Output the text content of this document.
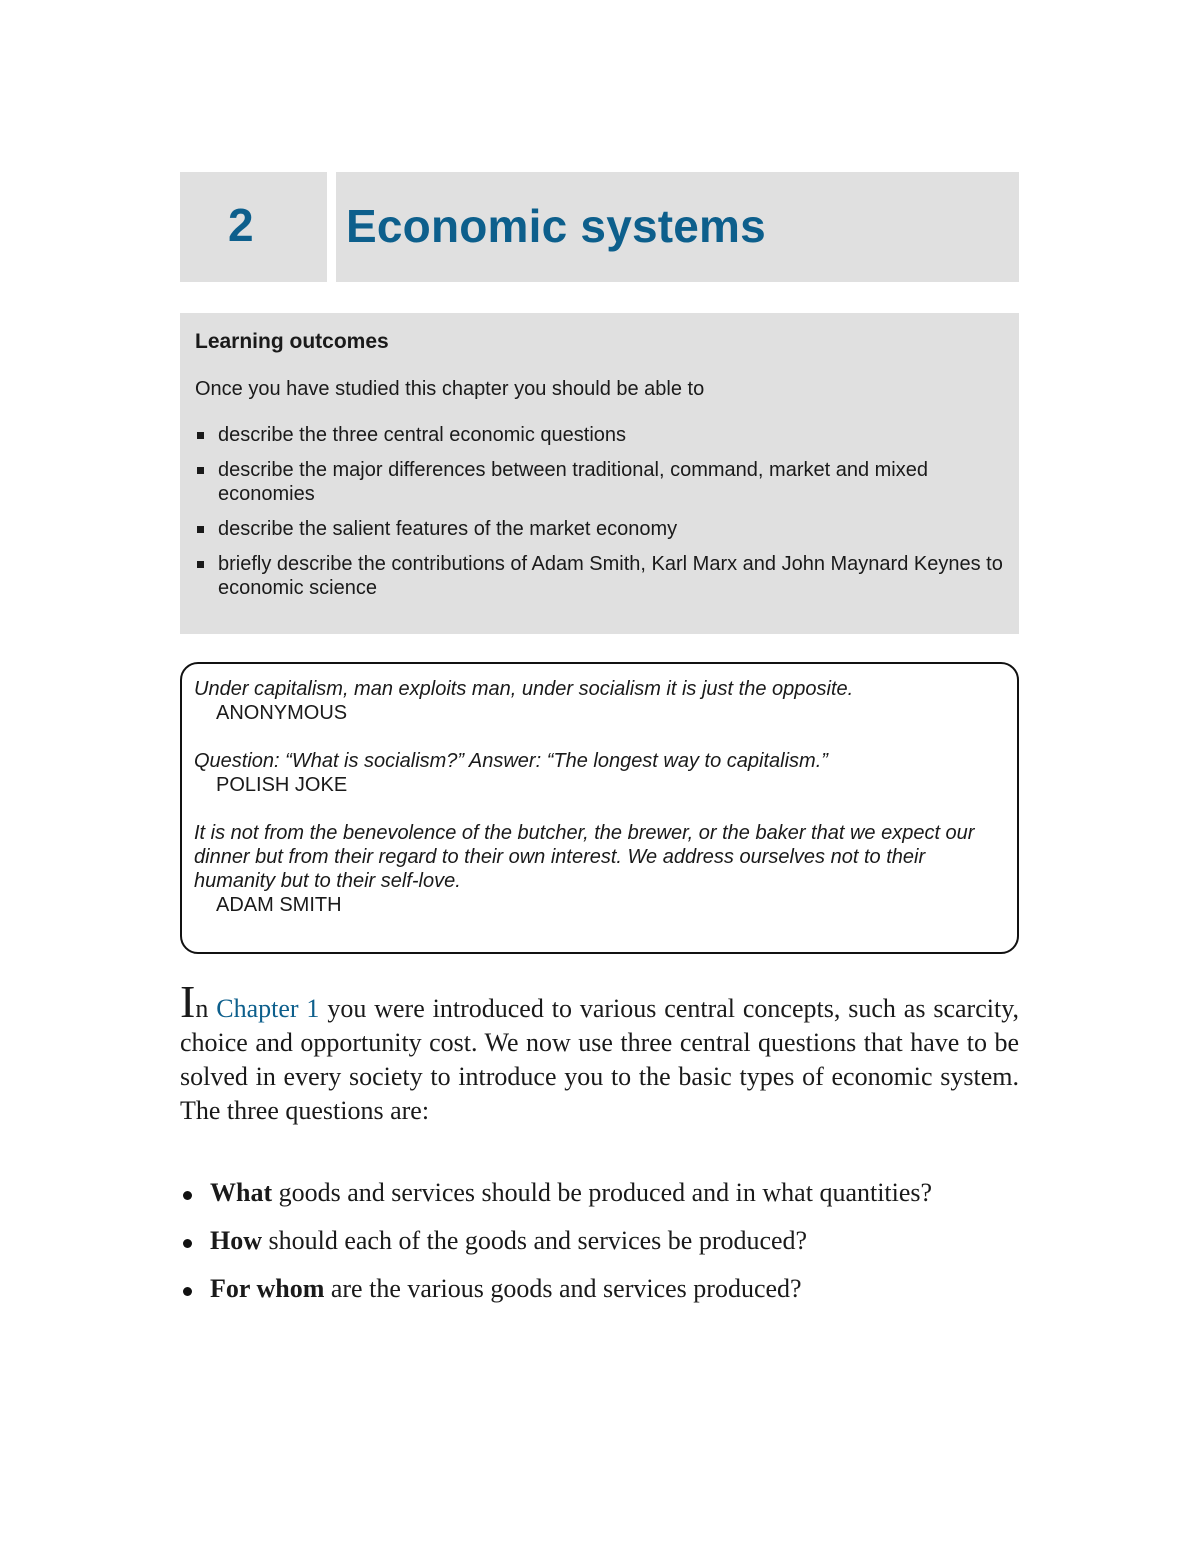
2 Economic systems

Learning outcomes

Once you have studied this chapter you should be able to

describe the three central economic questions
describe the major differences between traditional, command, market and mixed economies
describe the salient features of the market economy
briefly describe the contributions of Adam Smith, Karl Marx and John Maynard Keynes to economic science

Under capitalism, man exploits man, under socialism it is just the opposite.

ANONYMOUS

Question: “What is socialism?” Answer: “The longest way to capitalism.”

POLISH JOKE

It is not from the benevolence of the butcher, the brewer, or the baker that we expect our dinner but from their regard to their own interest. We address ourselves not to their humanity but to their self-love.

ADAM SMITH

In Chapter 1 you were introduced to various central concepts, such as scarcity, choice and opportunity cost. We now use three central questions that have to be solved in every society to introduce you to the basic types of economic system. The three questions are:

What goods and services should be produced and in what quantities?
How should each of the goods and services be produced?
For whom are the various goods and services produced?
